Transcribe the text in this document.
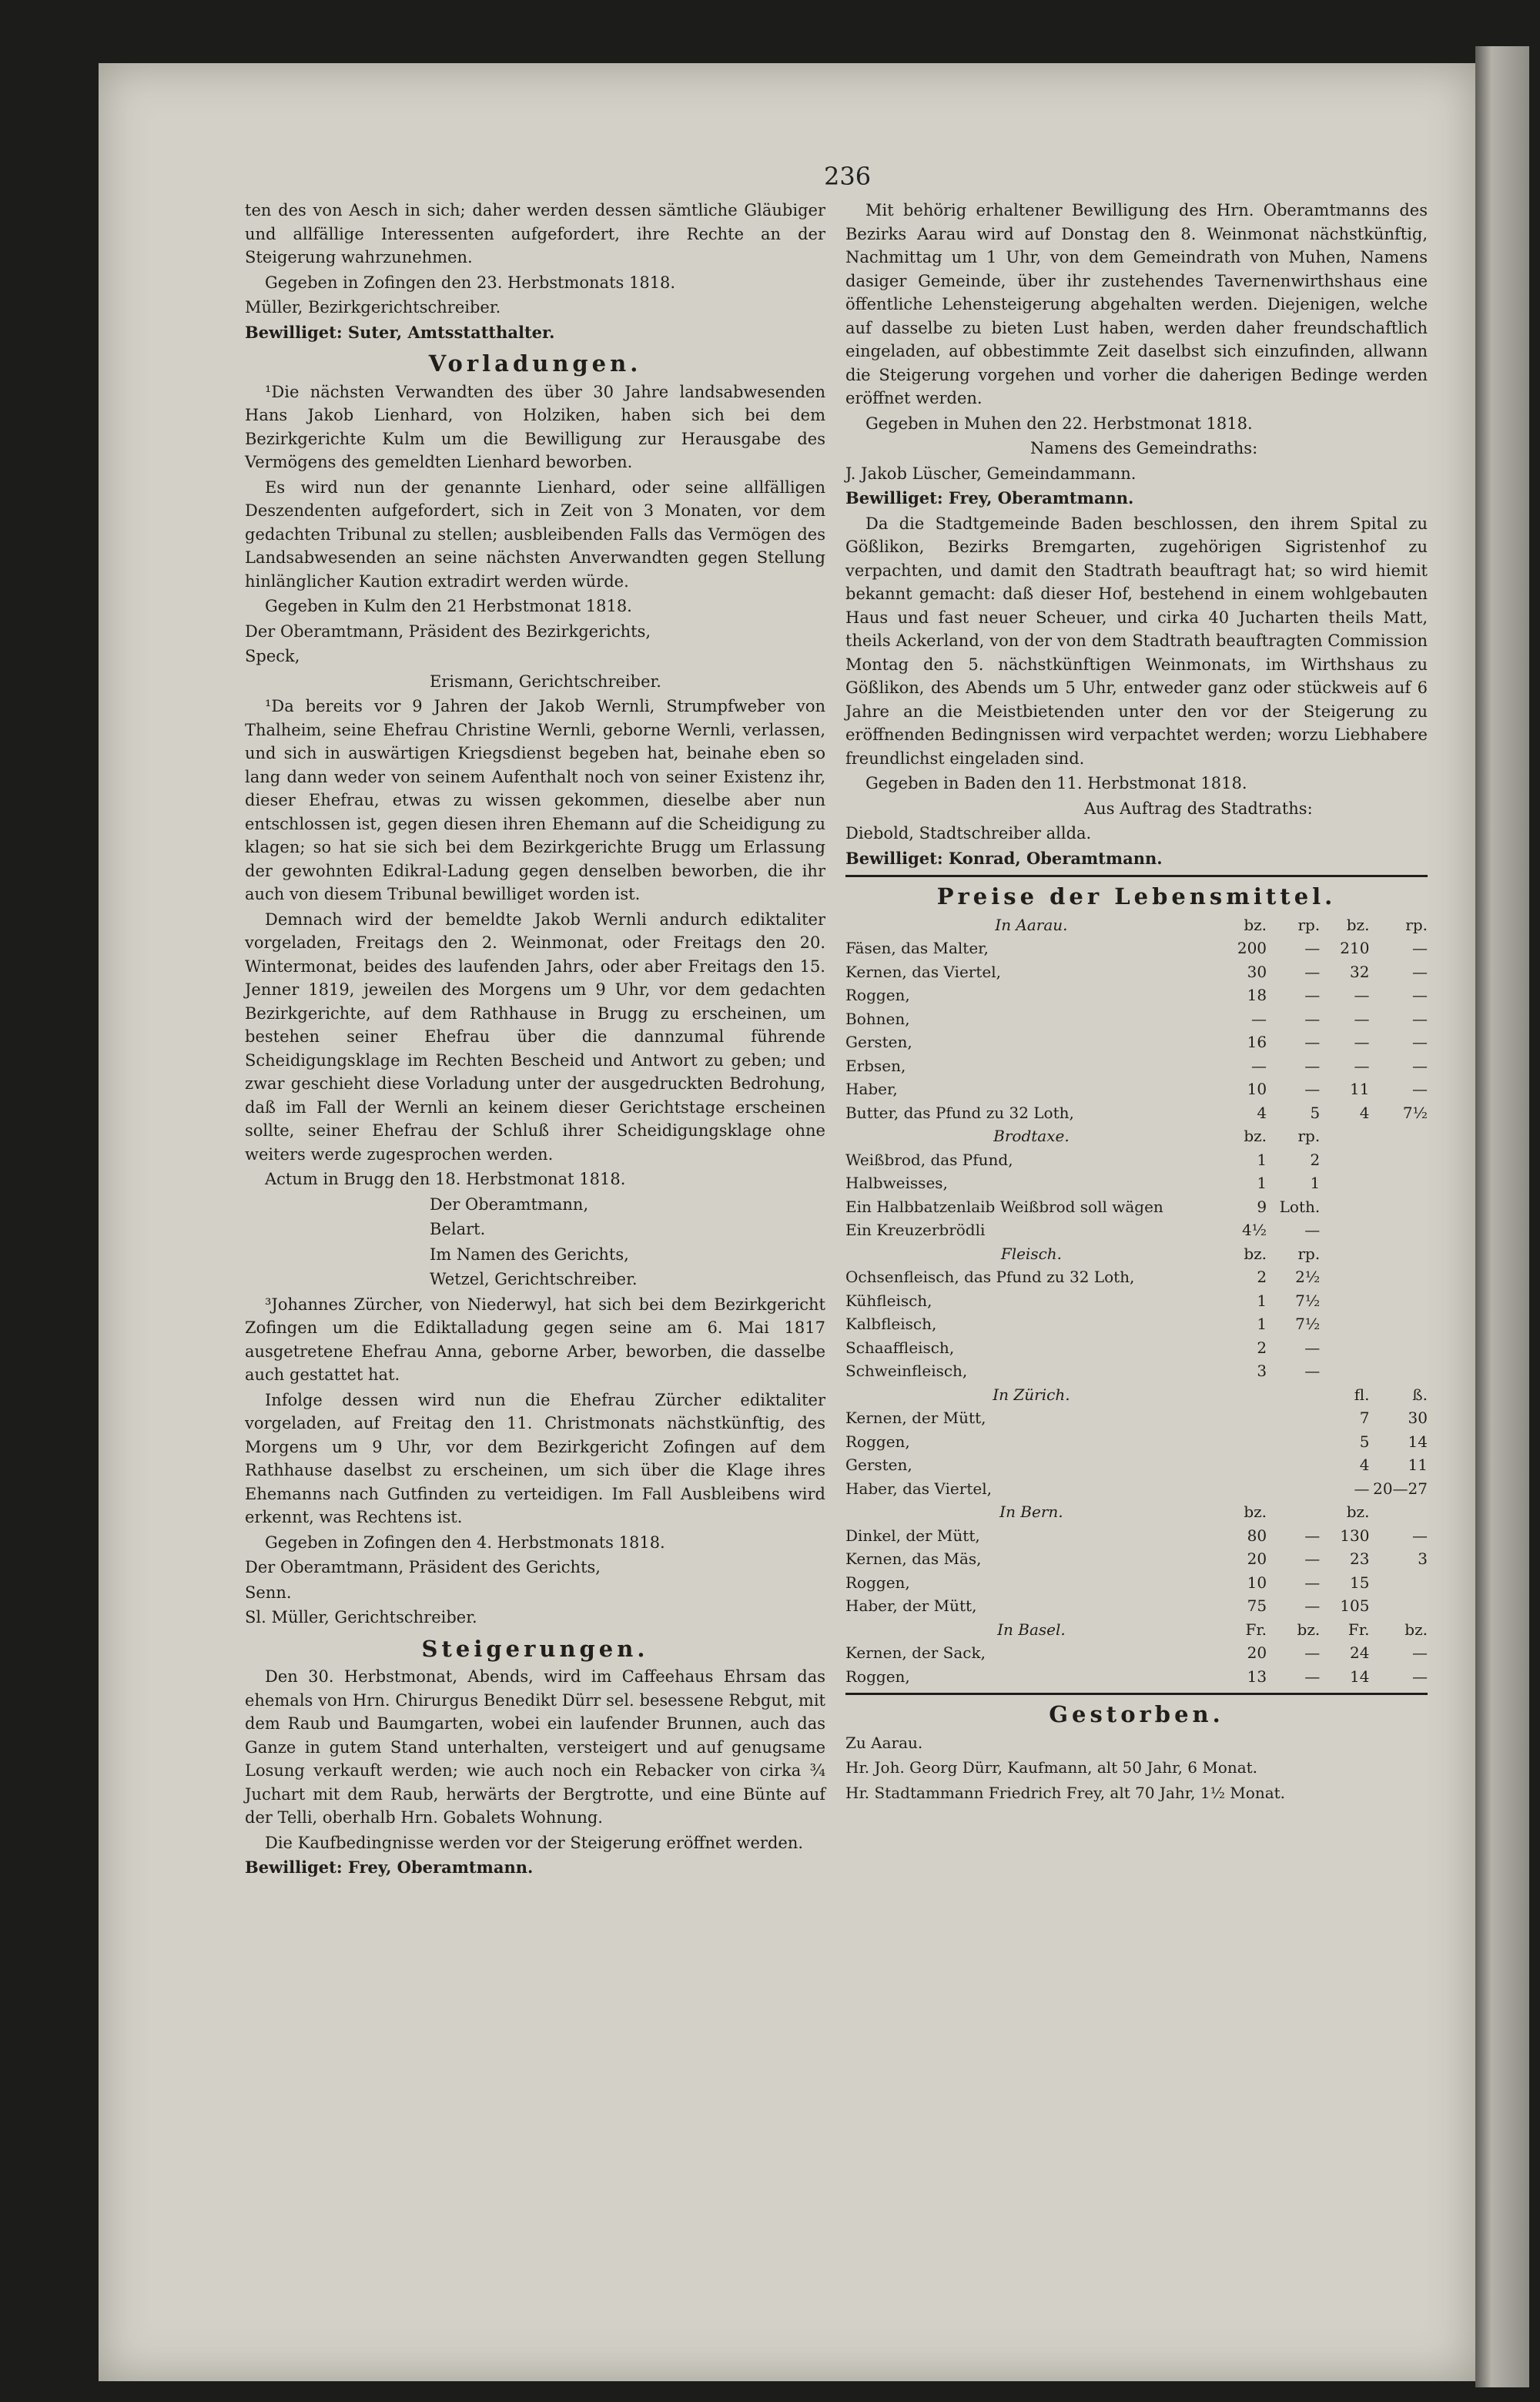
236

ten des von Aesch in sich; daher werden dessen sämtliche Gläubiger und allfällige Interessenten aufgefordert, ihre Rechte an der Steigerung wahrzunehmen.

Gegeben in Zofingen den 23. Herbstmonats 1818.

Müller, Bezirkgerichtschreiber.

Bewilliget: Suter, Amtsstatthalter.

Vorladungen.

¹Die nächsten Verwandten des über 30 Jahre landsabwesenden Hans Jakob Lienhard, von Holziken, haben sich bei dem Bezirkgerichte Kulm um die Bewilligung zur Herausgabe des Vermögens des gemeldten Lienhard beworben.

Es wird nun der genannte Lienhard, oder seine allfälligen Deszendenten aufgefordert, sich in Zeit von 3 Monaten, vor dem gedachten Tribunal zu stellen; ausbleibenden Falls das Vermögen des Landsabwesenden an seine nächsten Anverwandten gegen Stellung hinlänglicher Kaution extradirt werden würde.

Gegeben in Kulm den 21 Herbstmonat 1818.

Der Oberamtmann, Präsident des Bezirkgerichts,

Speck,

Erismann, Gerichtschreiber.

¹Da bereits vor 9 Jahren der Jakob Wernli, Strumpfweber von Thalheim, seine Ehefrau Christine Wernli, geborne Wernli, verlassen, und sich in auswärtigen Kriegsdienst begeben hat, beinahe eben so lang dann weder von seinem Aufenthalt noch von seiner Existenz ihr, dieser Ehefrau, etwas zu wissen gekommen, dieselbe aber nun entschlossen ist, gegen diesen ihren Ehemann auf die Scheidigung zu klagen; so hat sie sich bei dem Bezirkgerichte Brugg um Erlassung der gewohnten Edikral-Ladung gegen denselben beworben, die ihr auch von diesem Tribunal bewilliget worden ist.

Demnach wird der bemeldte Jakob Wernli andurch ediktaliter vorgeladen, Freitags den 2. Weinmonat, oder Freitags den 20. Wintermonat, beides des laufenden Jahrs, oder aber Freitags den 15. Jenner 1819, jeweilen des Morgens um 9 Uhr, vor dem gedachten Bezirkgerichte, auf dem Rathhause in Brugg zu erscheinen, um bestehen seiner Ehefrau über die dannzumal führende Scheidigungsklage im Rechten Bescheid und Antwort zu geben; und zwar geschieht diese Vorladung unter der ausgedruckten Bedrohung, daß im Fall der Wernli an keinem dieser Gerichtstage erscheinen sollte, seiner Ehefrau der Schluß ihrer Scheidigungsklage ohne weiters werde zugesprochen werden.

Actum in Brugg den 18. Herbstmonat 1818.

Der Oberamtmann,

Belart.

Im Namen des Gerichts,

Wetzel, Gerichtschreiber.

³Johannes Zürcher, von Niederwyl, hat sich bei dem Bezirkgericht Zofingen um die Ediktalladung gegen seine am 6. Mai 1817 ausgetretene Ehefrau Anna, geborne Arber, beworben, die dasselbe auch gestattet hat.

Infolge dessen wird nun die Ehefrau Zürcher ediktaliter vorgeladen, auf Freitag den 11. Christmonats nächstkünftig, des Morgens um 9 Uhr, vor dem Bezirkgericht Zofingen auf dem Rathhause daselbst zu erscheinen, um sich über die Klage ihres Ehemanns nach Gutfinden zu verteidigen. Im Fall Ausbleibens wird erkennt, was Rechtens ist.

Gegeben in Zofingen den 4. Herbstmonats 1818.

Der Oberamtmann, Präsident des Gerichts,

Senn.

Sl. Müller, Gerichtschreiber.

Steigerungen.

Den 30. Herbstmonat, Abends, wird im Caffeehaus Ehrsam das ehemals von Hrn. Chirurgus Benedikt Dürr sel. besessene Rebgut, mit dem Raub und Baumgarten, wobei ein laufender Brunnen, auch das Ganze in gutem Stand unterhalten, versteigert und auf genugsame Losung verkauft werden; wie auch noch ein Rebacker von cirka ¾ Juchart mit dem Raub, herwärts der Bergtrotte, und eine Bünte auf der Telli, oberhalb Hrn. Gobalets Wohnung.

Die Kaufbedingnisse werden vor der Steigerung eröffnet werden.

Bewilliget: Frey, Oberamtmann.

Mit behörig erhaltener Bewilligung des Hrn. Oberamtmanns des Bezirks Aarau wird auf Donstag den 8. Weinmonat nächstkünftig, Nachmittag um 1 Uhr, von dem Gemeindrath von Muhen, Namens dasiger Gemeinde, über ihr zustehendes Tavernenwirthshaus eine öffentliche Lehensteigerung abgehalten werden. Diejenigen, welche auf dasselbe zu bieten Lust haben, werden daher freundschaftlich eingeladen, auf obbestimmte Zeit daselbst sich einzufinden, allwann die Steigerung vorgehen und vorher die daherigen Bedinge werden eröffnet werden.

Gegeben in Muhen den 22. Herbstmonat 1818.

Namens des Gemeindraths:

J. Jakob Lüscher, Gemeindammann.

Bewilliget: Frey, Oberamtmann.

Da die Stadtgemeinde Baden beschlossen, den ihrem Spital zu Gößlikon, Bezirks Bremgarten, zugehörigen Sigristenhof zu verpachten, und damit den Stadtrath beauftragt hat; so wird hiemit bekannt gemacht: daß dieser Hof, bestehend in einem wohlgebauten Haus und fast neuer Scheuer, und cirka 40 Jucharten theils Matt, theils Ackerland, von der von dem Stadtrath beauftragten Commission Montag den 5. nächstkünftigen Weinmonats, im Wirthshaus zu Gößlikon, des Abends um 5 Uhr, entweder ganz oder stückweis auf 6 Jahre an die Meistbietenden unter den vor der Steigerung zu eröffnenden Bedingnissen wird verpachtet werden; worzu Liebhabere freundlichst eingeladen sind.

Gegeben in Baden den 11. Herbstmonat 1818.

Aus Auftrag des Stadtraths:

Diebold, Stadtschreiber allda.

Bewilliget: Konrad, Oberamtmann.

Preise der Lebensmittel.
In Aarau.	bz.	rp.	bz.	rp.
Fäsen, das Malter,	200	—	210	—
Kernen, das Viertel,	30	—	32	—
Roggen,	18	—	—	—
Bohnen,	—	—	—	—
Gersten,	16	—	—	—
Erbsen,	—	—	—	—
Haber,	10	—	11	—
Butter, das Pfund zu 32 Loth,	4	5	4	7½
Brodtaxe.	bz.	rp.		
Weißbrod, das Pfund,	1	2		
Halbweisses,	1	1		
Ein Halbbatzenlaib Weißbrod soll wägen	9	Loth.		
Ein Kreuzerbrödli	4½	—		
Fleisch.	bz.	rp.		
Ochsenfleisch, das Pfund zu 32 Loth,	2	2½		
Kühfleisch,	1	7½		
Kalbfleisch,	1	7½		
Schaaffleisch,	2	—		
Schweinfleisch,	3	—		
In Zürich.			fl.	ß.
Kernen, der Mütt,			7	30
Roggen,			5	14
Gersten,			4	11
Haber, das Viertel,			—	20—27
In Bern.	bz.		bz.	
Dinkel, der Mütt,	80	—	130	—
Kernen, das Mäs,	20	—	23	3
Roggen,	10	—	15	
Haber, der Mütt,	75	—	105	
In Basel.	Fr.	bz.	Fr.	bz.
Kernen, der Sack,	20	—	24	—
Roggen,	13	—	14	—
Gestorben.

Zu Aarau.

Hr. Joh. Georg Dürr, Kaufmann, alt 50 Jahr, 6 Monat.

Hr. Stadtammann Friedrich Frey, alt 70 Jahr, 1½ Monat.
